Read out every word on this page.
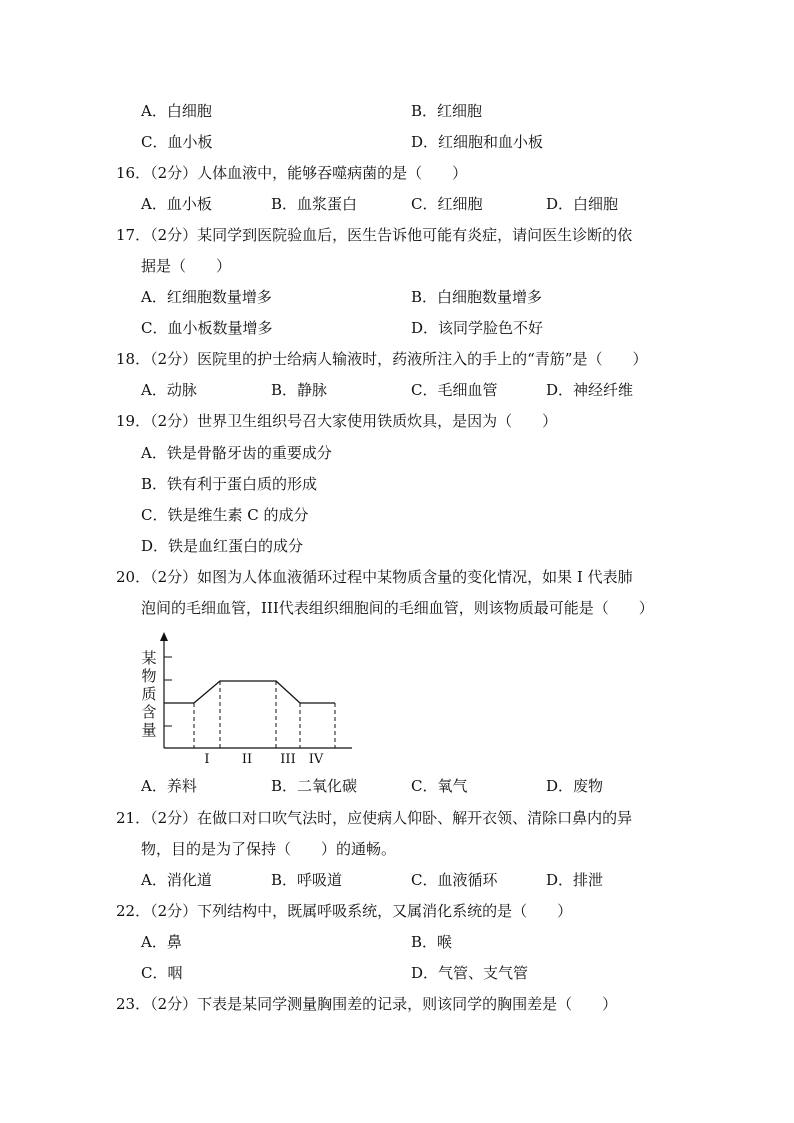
A．白细胞	B．红细胞
C．血小板	D．红细胞和血小板
16．（2分）人体血液中，能够吞噬病菌的是（　　）
A．血小板	B．血浆蛋白	C．红细胞	D．白细胞
17．（2分）某同学到医院验血后，医生告诉他可能有炎症，请问医生诊断的依
据是（　　）
A．红细胞数量增多	B．白细胞数量增多
C．血小板数量增多	D．该同学脸色不好
18．（2分）医院里的护士给病人输液时，药液所注入的手上的“青筋”是（　　）
A．动脉	B．静脉	C．毛细血管	D．神经纤维
19．（2分）世界卫生组织号召大家使用铁质炊具，是因为（　　）
A．铁是骨骼牙齿的重要成分
B．铁有利于蛋白质的形成
C．铁是维生素 C 的成分
D．铁是血红蛋白的成分
20．（2分）如图为人体血液循环过程中某物质含量的变化情况，如果 I 代表肺
泡间的毛细血管，III代表组织细胞间的毛细血管，则该物质最可能是（　　）
某
物
质
含
量
I II III IV
A．养料	B．二氧化碳	C．氧气	D．废物
21．（2分）在做口对口吹气法时，应使病人仰卧、解开衣领、清除口鼻内的异
物，目的是为了保持（　　）的通畅。
A．消化道	B．呼吸道	C．血液循环	D．排泄
22．（2分）下列结构中，既属呼吸系统，又属消化系统的是（　　）
A．鼻	B．喉
C．咽	D．气管、支气管
23．（2分）下表是某同学测量胸围差的记录，则该同学的胸围差是（　　）
